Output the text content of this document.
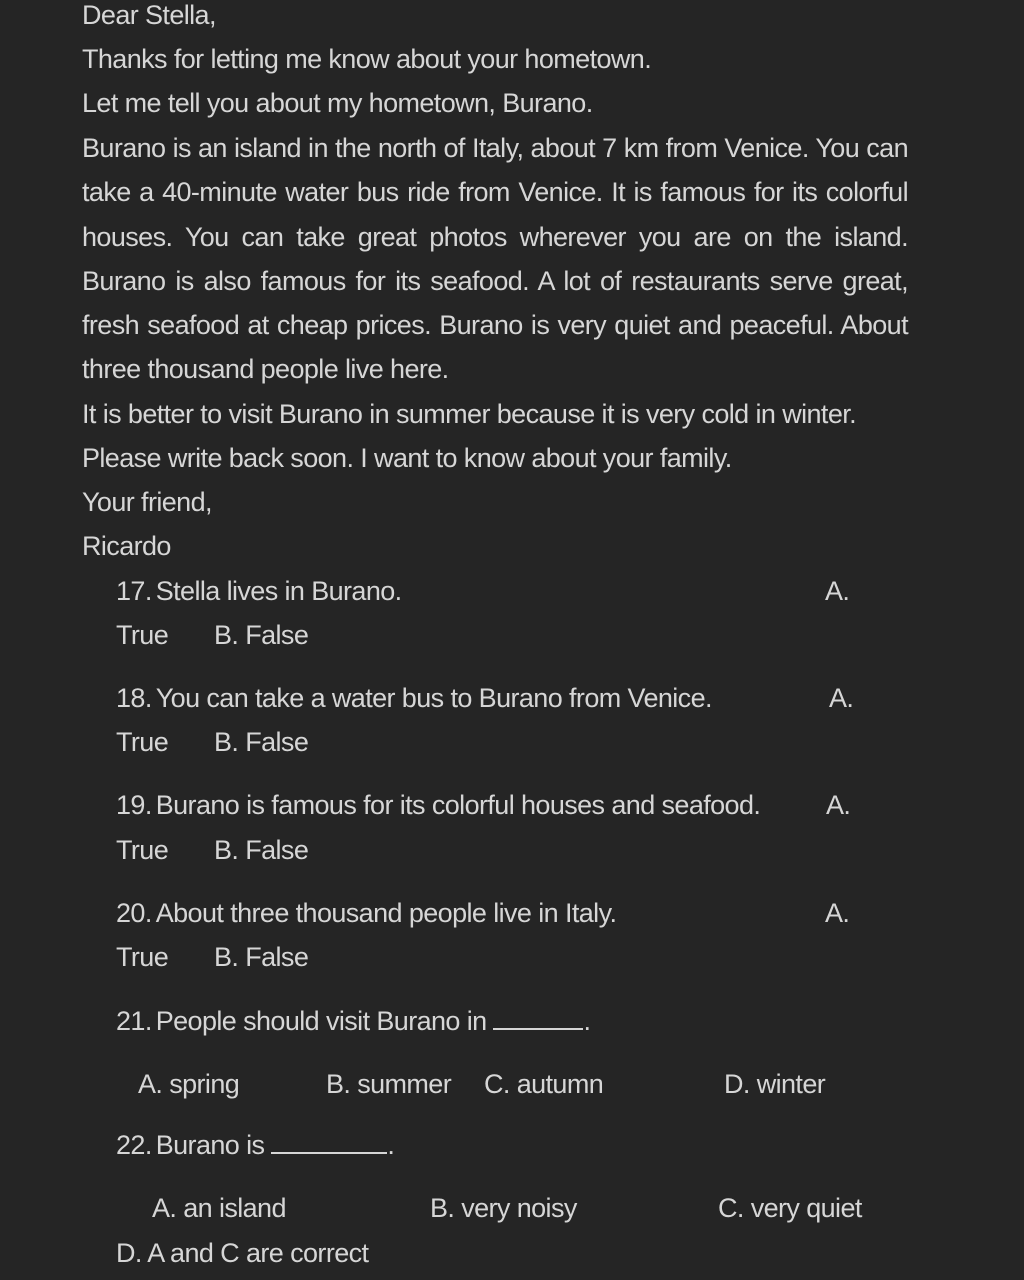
Dear Stella,
Thanks for letting me know about your hometown.
Let me tell you about my hometown, Burano.
Burano is an island in the north of Italy, about 7 km from Venice. You can take a 40-minute water bus ride from Venice. It is famous for its colorful houses. You can take great photos wherever you are on the island. Burano is also famous for its seafood. A lot of restaurants serve great, fresh seafood at cheap prices. Burano is very quiet and peaceful. About three thousand people live here.
It is better to visit Burano in summer because it is very cold in winter.
Please write back soon. I want to know about your family.
Your friend,
Ricardo
17. Stella lives in Burano.	A.
True B. False
18. You can take a water bus to Burano from Venice.	A.
True B. False
19. Burano is famous for its colorful houses and seafood. A.
True B. False
20. About three thousand people live in Italy.	A.
True B. False
21. People should visit Burano in	.
A. spring	B. summer C. autumn	D. winter
22. Burano is	.
A. an island	B. very noisy	C. very quiet
D. A and C are correct
